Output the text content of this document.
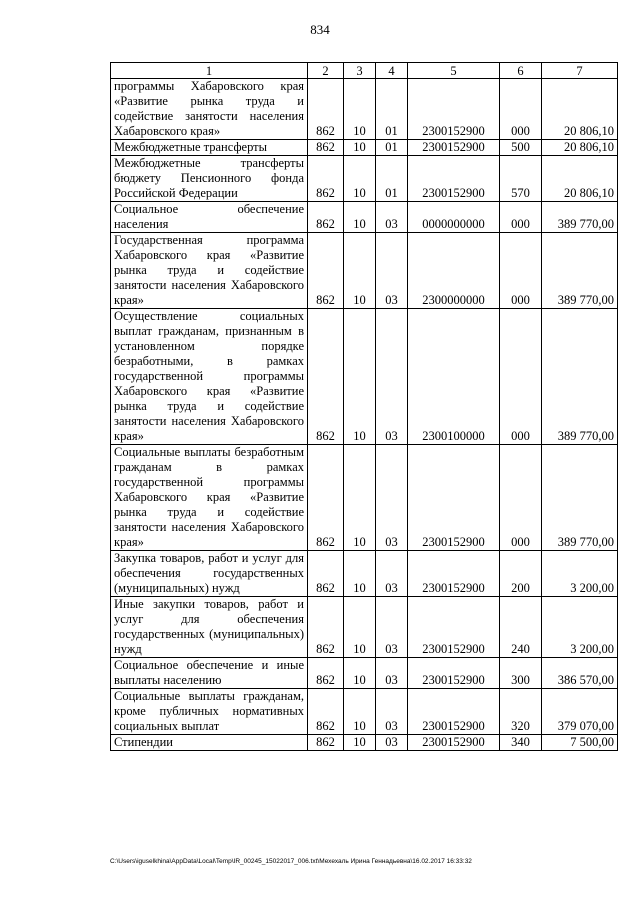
834
1	2	3	4	5	6	7
программы Хабаровского края «Развитие рынка труда и содействие занятости населения Хабаровского края»	862	10	01	2300152900	000	20 806,10
Межбюджетные трансферты	862	10	01	2300152900	500	20 806,10
Межбюджетные трансферты бюджету Пенсионного фонда Российской Федерации	862	10	01	2300152900	570	20 806,10
Социальное обеспечение населения	862	10	03	0000000000	000	389 770,00
Государственная программа Хабаровского края «Развитие рынка труда и содействие занятости населения Хабаровского края»	862	10	03	2300000000	000	389 770,00
Осуществление социальных выплат гражданам, признанным в установленном порядке безработными, в рамках государственной программы Хабаровского края «Развитие рынка труда и содействие занятости населения Хабаровского края»	862	10	03	2300100000	000	389 770,00
Социальные выплаты безработным гражданам в рамках государственной программы Хабаровского края «Развитие рынка труда и содействие занятости населения Хабаровского края»	862	10	03	2300152900	000	389 770,00
Закупка товаров, работ и услуг для обеспечения государственных (муниципальных) нужд	862	10	03	2300152900	200	3 200,00
Иные закупки товаров, работ и услуг для обеспечения государственных (муниципальных) нужд	862	10	03	2300152900	240	3 200,00
Социальное обеспечение и иные выплаты населению	862	10	03	2300152900	300	386 570,00
Социальные выплаты гражданам, кроме публичных нормативных социальных выплат	862	10	03	2300152900	320	379 070,00
Стипендии	862	10	03	2300152900	340	7 500,00
C:\Users\iguselkhina\AppData\Local\Temp\IR_00245_15022017_006.txt\Мехехаль Ирина Геннадьевна\16.02.2017 16:33:32
